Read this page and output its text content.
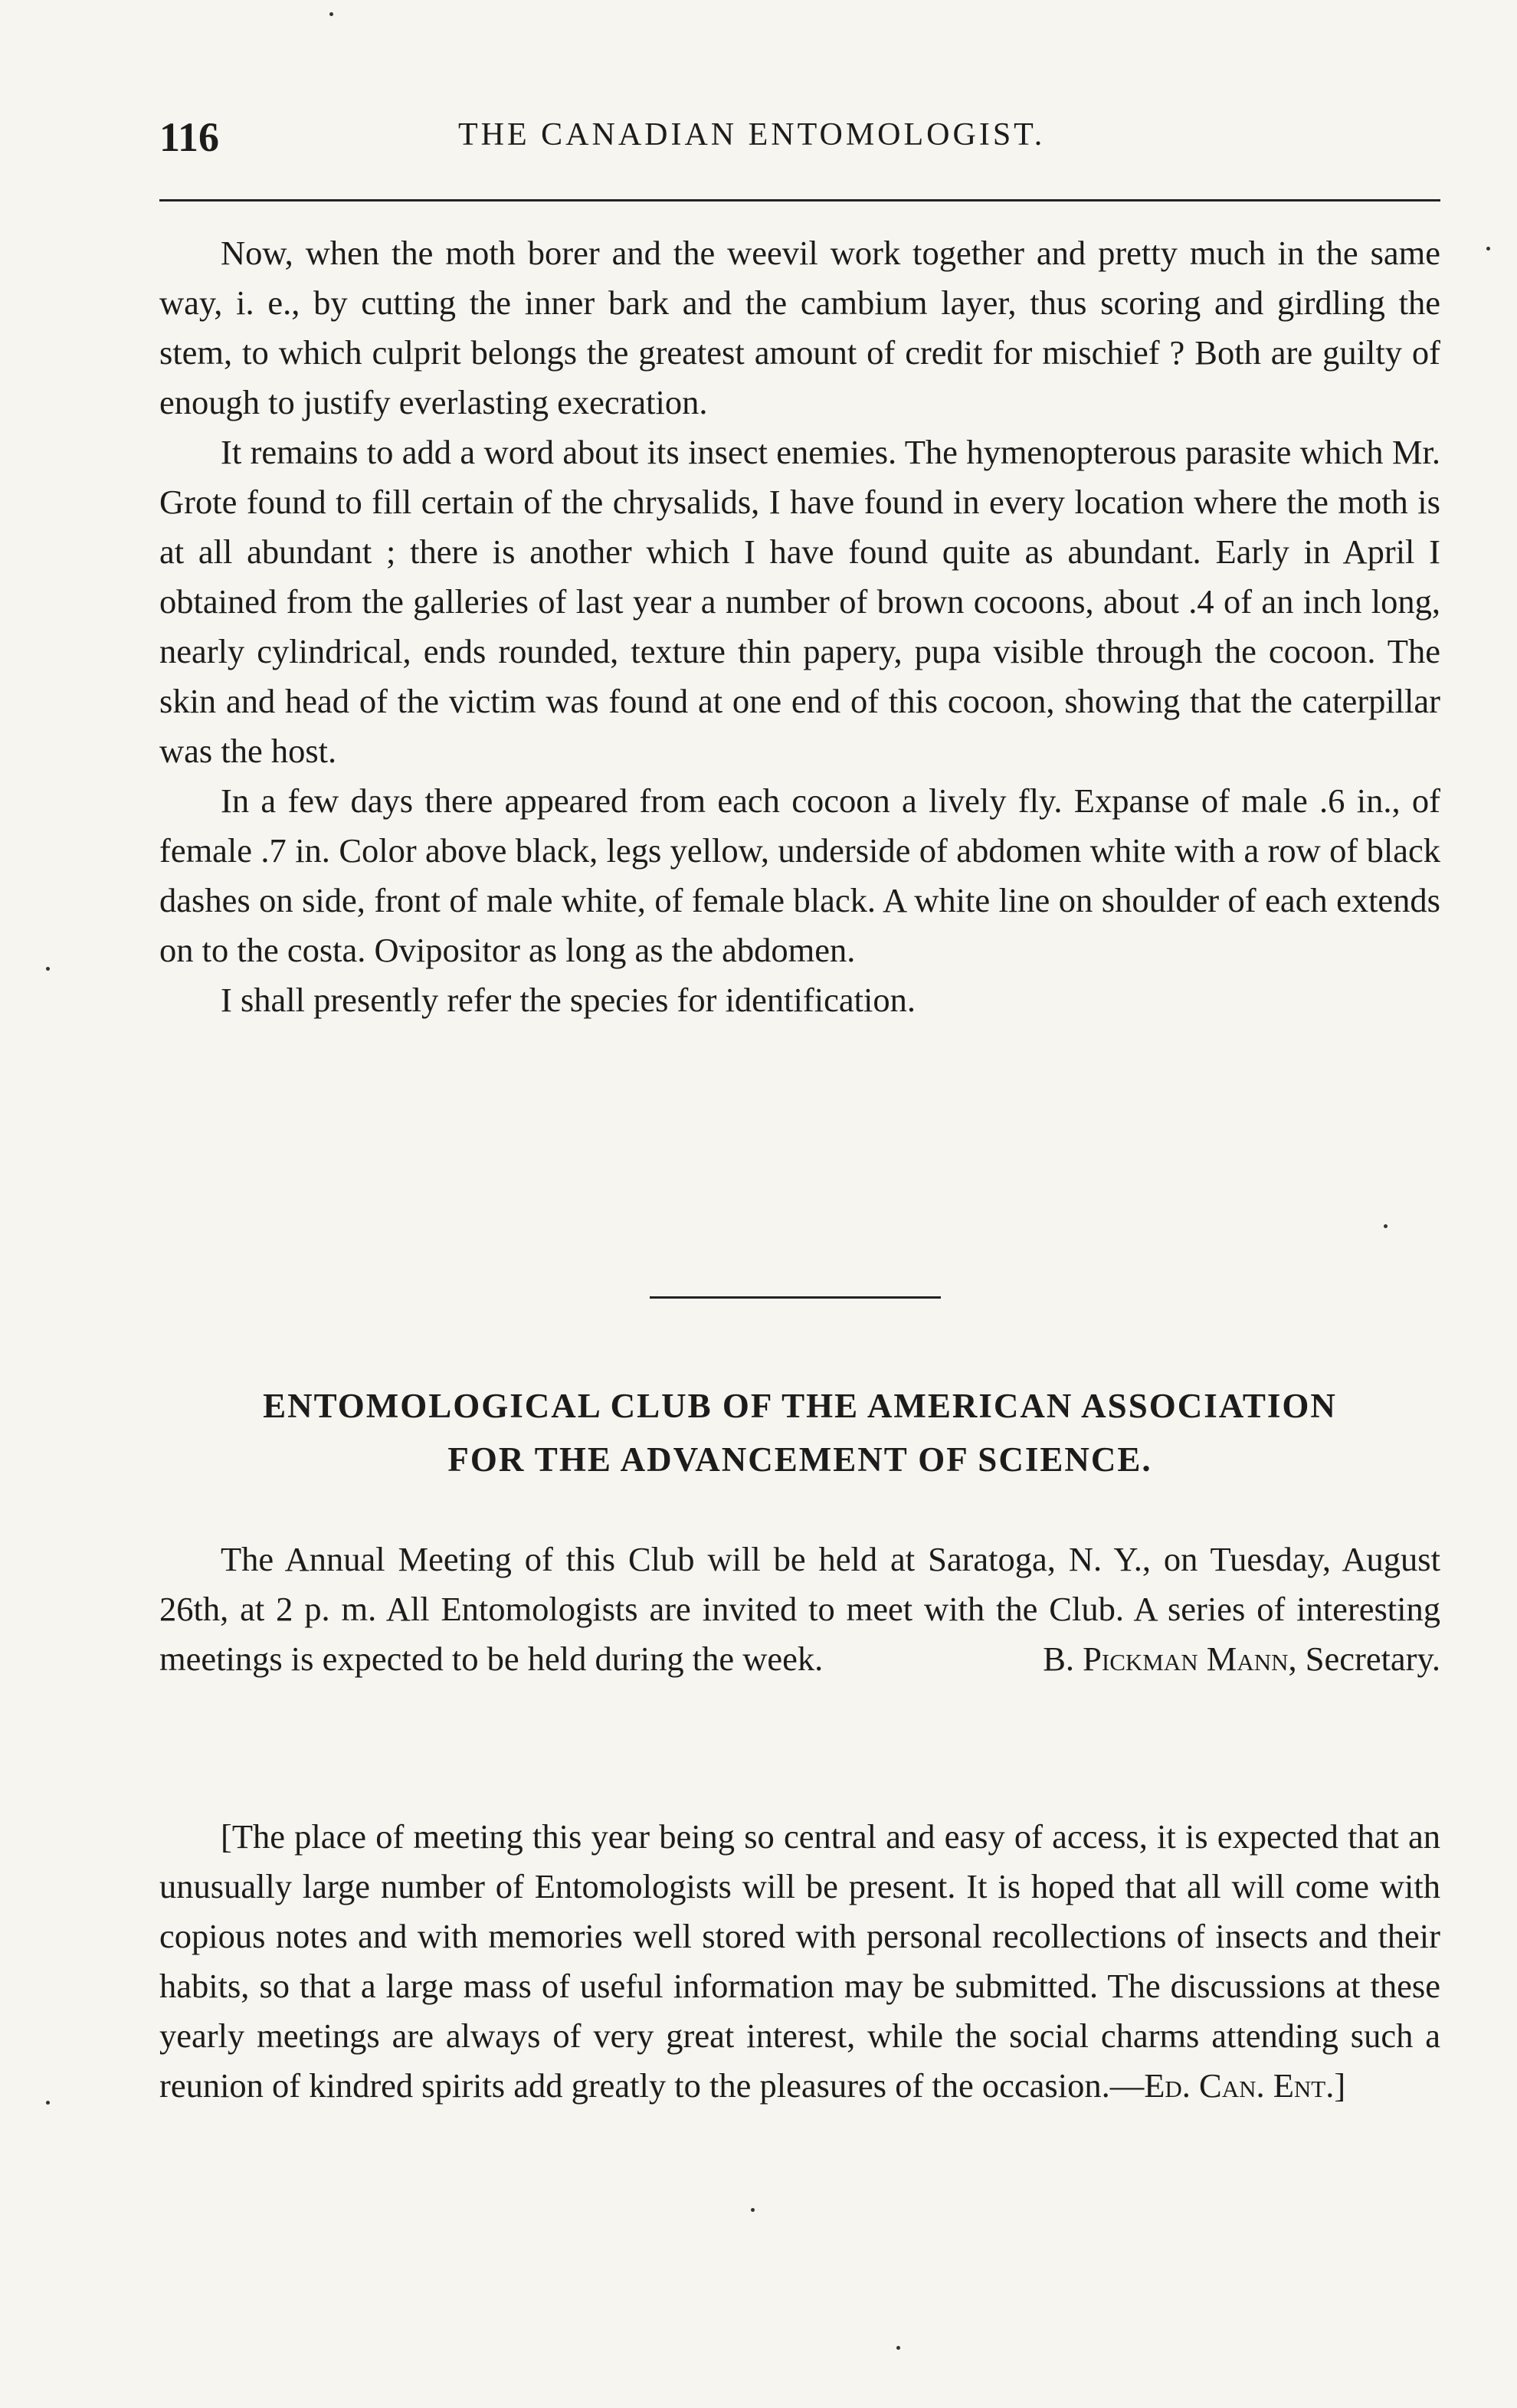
116	THE CANADIAN ENTOMOLOGIST.

Now, when the moth borer and the weevil work together and pretty much in the same way, i. e., by cutting the inner bark and the cambium layer, thus scoring and girdling the stem, to which culprit belongs the greatest amount of credit for mischief ? Both are guilty of enough to justify everlasting execration.

It remains to add a word about its insect enemies. The hymenopterous parasite which Mr. Grote found to fill certain of the chrysalids, I have found in every location where the moth is at all abundant ; there is another which I have found quite as abundant. Early in April I obtained from the galleries of last year a number of brown cocoons, about .4 of an inch long, nearly cylindrical, ends rounded, texture thin papery, pupa visible through the cocoon. The skin and head of the victim was found at one end of this cocoon, showing that the caterpillar was the host.

In a few days there appeared from each cocoon a lively fly. Expanse of male .6 in., of female .7 in. Color above black, legs yellow, underside of abdomen white with a row of black dashes on side, front of male white, of female black. A white line on shoulder of each extends on to the costa. Ovipositor as long as the abdomen.

I shall presently refer the species for identification.

ENTOMOLOGICAL CLUB OF THE AMERICAN ASSOCIATION
FOR THE ADVANCEMENT OF SCIENCE.

The Annual Meeting of this Club will be held at Saratoga, N. Y., on Tuesday, August 26th, at 2 p. m. All Entomologists are invited to meet with the Club. A series of interesting meetings is expected to be held during the week.	B. Pickman Mann, Secretary.

[The place of meeting this year being so central and easy of access, it is expected that an unusually large number of Entomologists will be present. It is hoped that all will come with copious notes and with memories well stored with personal recollections of insects and their habits, so that a large mass of useful information may be submitted. The discussions at these yearly meetings are always of very great interest, while the social charms attending such a reunion of kindred spirits add greatly to the pleasures of the occasion.—Ed. Can. Ent.]
